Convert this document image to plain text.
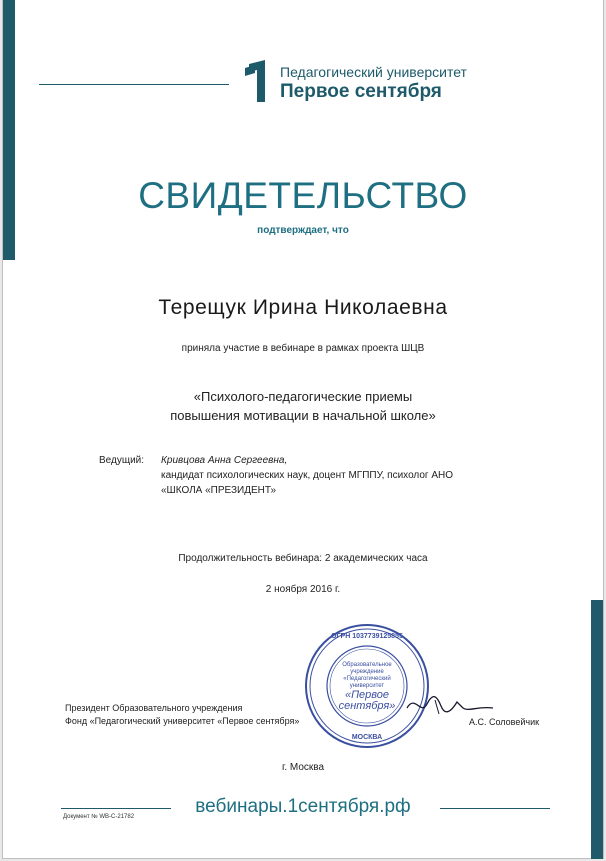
Педагогический университет
Первое сентября
СВИДЕТЕЛЬСТВО
подтверждает, что
Терещук Ирина Николаевна
приняла участие в вебинаре в рамках проекта ШЦВ
«Психолого-педагогические приемы
повышения мотивации в начальной школе»
Ведущий: Кривцова Анна Сергеевна,
кандидат психологических наук, доцент МГППУ, психолог АНО
«ШКОЛА «ПРЕЗИДЕНТ»
Продолжительность вебинара: 2 академических часа
2 ноября 2016 г.
Образовательное
учреждение
«Педагогический
университет
«Первое
сентября»
ОГРН 1037739125855
МОСКВА
Президент Образовательного учреждения
Фонд «Педагогический университет «Первое сентября»	А.С. Соловейчик
г. Москва
вебинары.1сентября.рф
Документ № WB-C-21782
